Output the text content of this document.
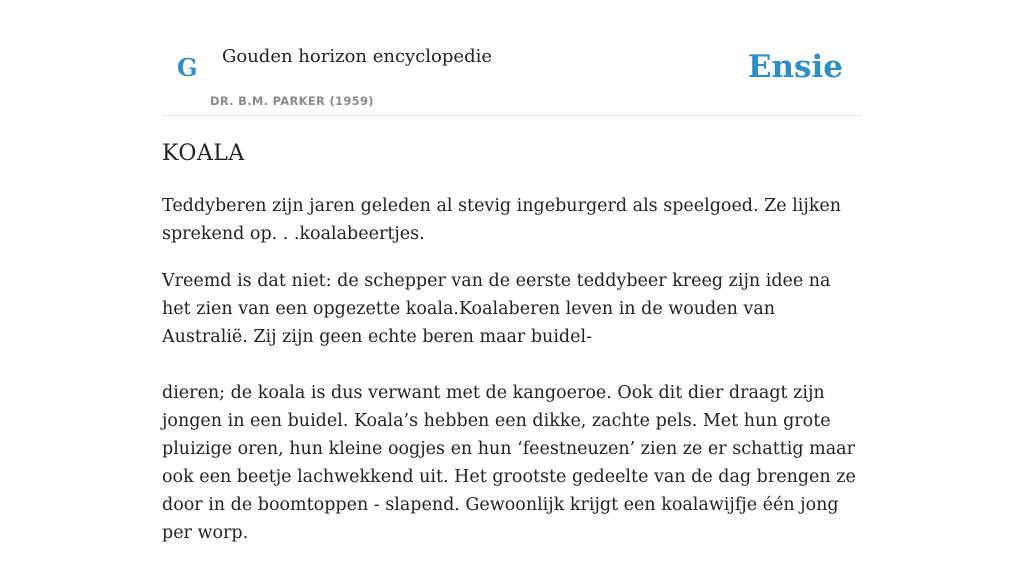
G Gouden horizon encyclopedie
DR. B.M. PARKER (1959)
Ensie
KOALA

Teddyberen zijn jaren geleden al stevig ingeburgerd als speelgoed. Ze lijken sprekend op. . .koalabeertjes.

Vreemd is dat niet: de schepper van de eerste teddybeer kreeg zijn idee na het zien van een opgezette koala.Koalaberen leven in de wouden van Australië. Zij zijn geen echte beren maar buidel-

dieren; de koala is dus verwant met de kangoeroe. Ook dit dier draagt zijn jongen in een buidel. Koala’s hebben een dikke, zachte pels. Met hun grote pluizige oren, hun kleine oogjes en hun ‘feestneuzen’ zien ze er schattig maar ook een beetje lachwekkend uit. Het grootste gedeelte van de dag brengen ze door in de boomtoppen - slapend. Gewoonlijk krijgt een koalawijfje één jong per worp.
